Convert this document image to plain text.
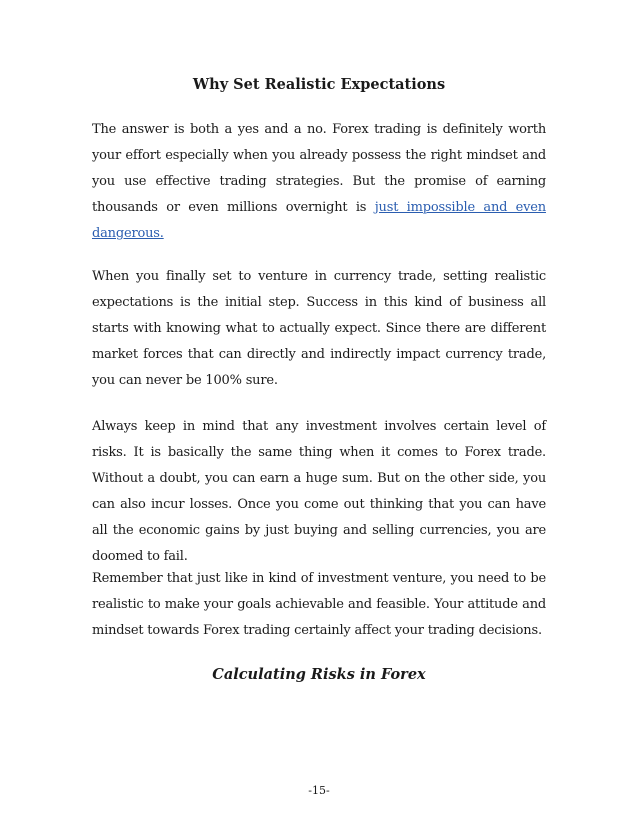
Why Set Realistic Expectations

The answer is both a yes and a no. Forex trading is definitely worth your effort especially when you already possess the right mindset and you use effective trading strategies. But the promise of earning thousands or even millions overnight is just impossible and even dangerous.

When you finally set to venture in currency trade, setting realistic expectations is the initial step. Success in this kind of business all starts with knowing what to actually expect. Since there are different market forces that can directly and indirectly impact currency trade, you can never be 100% sure.

Always keep in mind that any investment involves certain level of risks. It is basically the same thing when it comes to Forex trade. Without a doubt, you can earn a huge sum. But on the other side, you can also incur losses. Once you come out thinking that you can have all the economic gains by just buying and selling currencies, you are doomed to fail.

Remember that just like in kind of investment venture, you need to be realistic to make your goals achievable and feasible. Your attitude and mindset towards Forex trading certainly affect your trading decisions.

Calculating Risks in Forex

-15-
